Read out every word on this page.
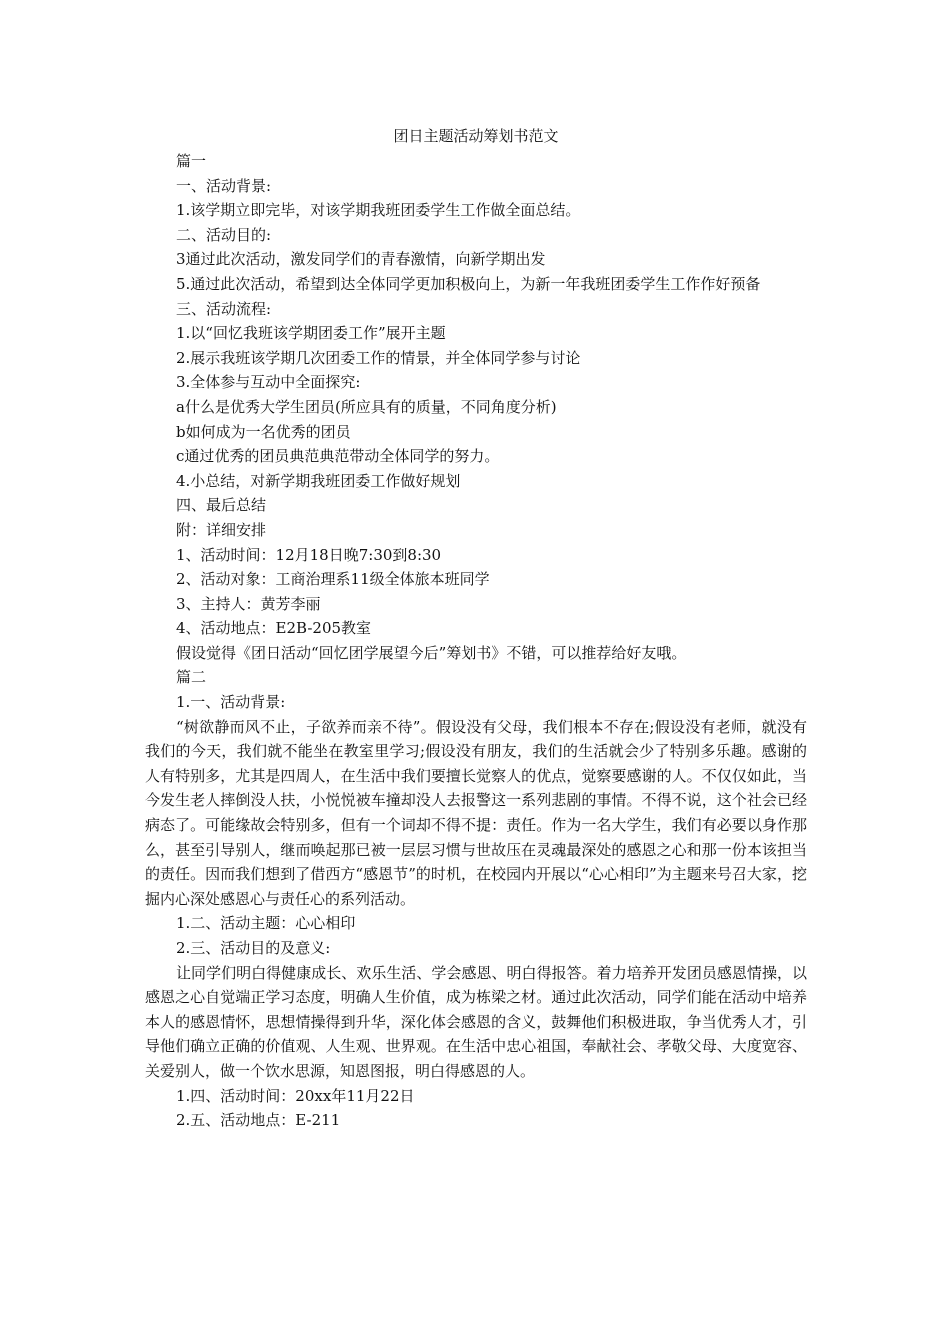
团日主题活动筹划书范文

篇一

一、活动背景:

1.该学期立即完毕，对该学期我班团委学生工作做全面总结。

二、活动目的:

3通过此次活动，激发同学们的青春激情，向新学期出发

5.通过此次活动，希望到达全体同学更加积极向上，为新一年我班团委学生工作作好预备

三、活动流程:

1.以“回忆我班该学期团委工作”展开主题

2.展示我班该学期几次团委工作的情景，并全体同学参与讨论

3.全体参与互动中全面探究:

a什么是优秀大学生团员(所应具有的质量，不同角度分析)

b如何成为一名优秀的团员

c通过优秀的团员典范典范带动全体同学的努力。

4.小总结，对新学期我班团委工作做好规划

四、最后总结

附：详细安排

1、活动时间：12月18日晚7:30到8:30

2、活动对象：工商治理系11级全体旅本班同学

3、主持人：黄芳李丽

4、活动地点：E2B-205教室

假设觉得《团日活动“回忆团学展望今后”筹划书》不错，可以推荐给好友哦。

篇二

1.一、活动背景:

“树欲静而风不止，子欲养而亲不待”。假设没有父母，我们根本不存在;假设没有老师，就没有我们的今天，我们就不能坐在教室里学习;假设没有朋友，我们的生活就会少了特别多乐趣。感谢的人有特别多，尤其是四周人，在生活中我们要擅长觉察人的优点，觉察要感谢的人。不仅仅如此，当今发生老人摔倒没人扶，小悦悦被车撞却没人去报警这一系列悲剧的事情。不得不说，这个社会已经病态了。可能缘故会特别多，但有一个词却不得不提：责任。作为一名大学生，我们有必要以身作那么，甚至引导别人，继而唤起那已被一层层习惯与世故压在灵魂最深处的感恩之心和那一份本该担当的责任。因而我们想到了借西方“感恩节”的时机，在校园内开展以“心心相印”为主题来号召大家，挖掘内心深处感恩心与责任心的系列活动。

1.二、活动主题：心心相印

2.三、活动目的及意义:

让同学们明白得健康成长、欢乐生活、学会感恩、明白得报答。着力培养开发团员感恩情操，以感恩之心自觉端正学习态度，明确人生价值，成为栋梁之材。通过此次活动，同学们能在活动中培养本人的感恩情怀，思想情操得到升华，深化体会感恩的含义，鼓舞他们积极进取，争当优秀人才，引导他们确立正确的价值观、人生观、世界观。在生活中忠心祖国，奉献社会、孝敬父母、大度宽容、关爱别人，做一个饮水思源，知恩图报，明白得感恩的人。

1.四、活动时间：20xx年11月22日

2.五、活动地点：E-211
